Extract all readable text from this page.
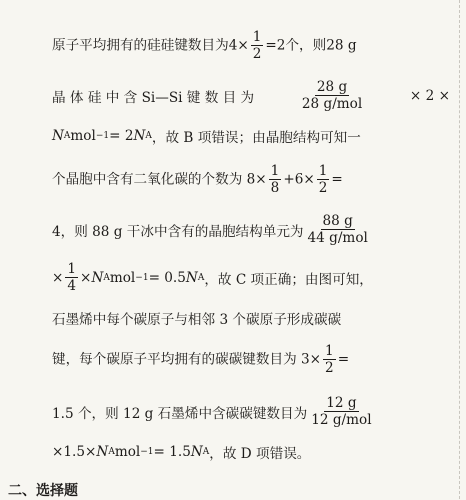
原子平均拥有的硅硅键数目为$4\times \frac{1}{2} =2$个，则28 g
晶 体 硅 中 含 Si—Si 键 数 目 为	$\frac{28 g}{\text{28 g/mol}}$	× 2 ×
N A mol −1 = 2 N A ，故 B 项错误；由晶胞结构可知一
个晶胞中含有二氧化碳的个数为 $8\times \frac{1}{8} +6\times \frac{1}{2}$ =
4，则 88 g 干冰中含有的晶胞结构单元为 $\frac{88 g}{\text{44 g/mol}}$
× $\frac{1}{4} \times N$ A mol −1 = 0.5 N A ，故 C 项正确；由图可知，
石墨烯中每个碳原子与相邻 3 个碳原子形成碳碳
键，每个碳原子平均拥有的碳碳键数目为 $3\times \frac{1}{2}$ =
1.5 个，则 12 g 石墨烯中含碳碳键数目为 $\frac{12 g}{\text{12 g/mol}}$
×1.5× N A mol −1 = 1.5 N A ，故 D 项错误。
二、选择题
